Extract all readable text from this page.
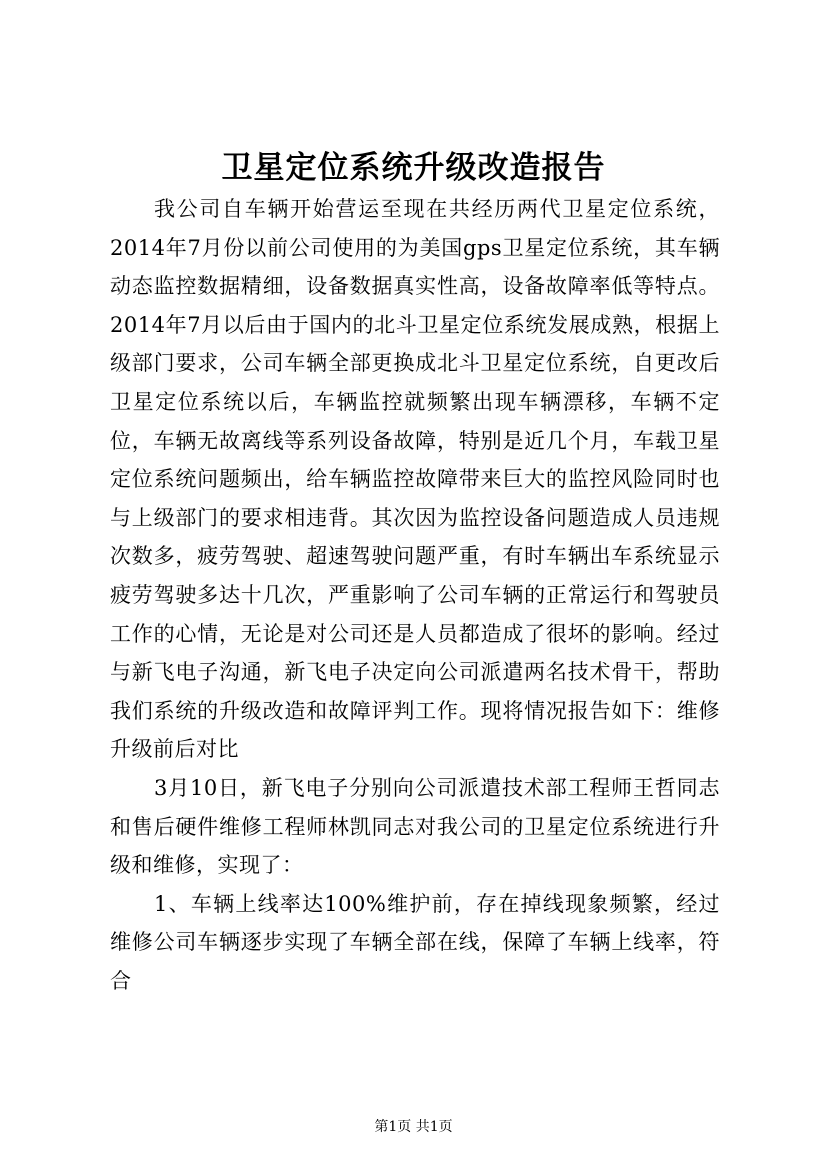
卫星定位系统升级改造报告

我公司自车辆开始营运至现在共经历两代卫星定位系统，2014年7月份以前公司使用的为美国gps卫星定位系统，其车辆动态监控数据精细，设备数据真实性高，设备故障率低等特点。2014年7月以后由于国内的北斗卫星定位系统发展成熟，根据上级部门要求，公司车辆全部更换成北斗卫星定位系统，自更改后卫星定位系统以后，车辆监控就频繁出现车辆漂移，车辆不定位，车辆无故离线等系列设备故障，特别是近几个月，车载卫星定位系统问题频出，给车辆监控故障带来巨大的监控风险同时也与上级部门的要求相违背。其次因为监控设备问题造成人员违规次数多，疲劳驾驶、超速驾驶问题严重，有时车辆出车系统显示疲劳驾驶多达十几次，严重影响了公司车辆的正常运行和驾驶员工作的心情，无论是对公司还是人员都造成了很坏的影响。经过与新飞电子沟通，新飞电子决定向公司派遣两名技术骨干，帮助我们系统的升级改造和故障评判工作。现将情况报告如下：维修升级前后对比

3月10日，新飞电子分别向公司派遣技术部工程师王哲同志和售后硬件维修工程师林凯同志对我公司的卫星定位系统进行升级和维修，实现了：

1、车辆上线率达100%维护前，存在掉线现象频繁，经过维修公司车辆逐步实现了车辆全部在线，保障了车辆上线率，符合

第1页 共1页
